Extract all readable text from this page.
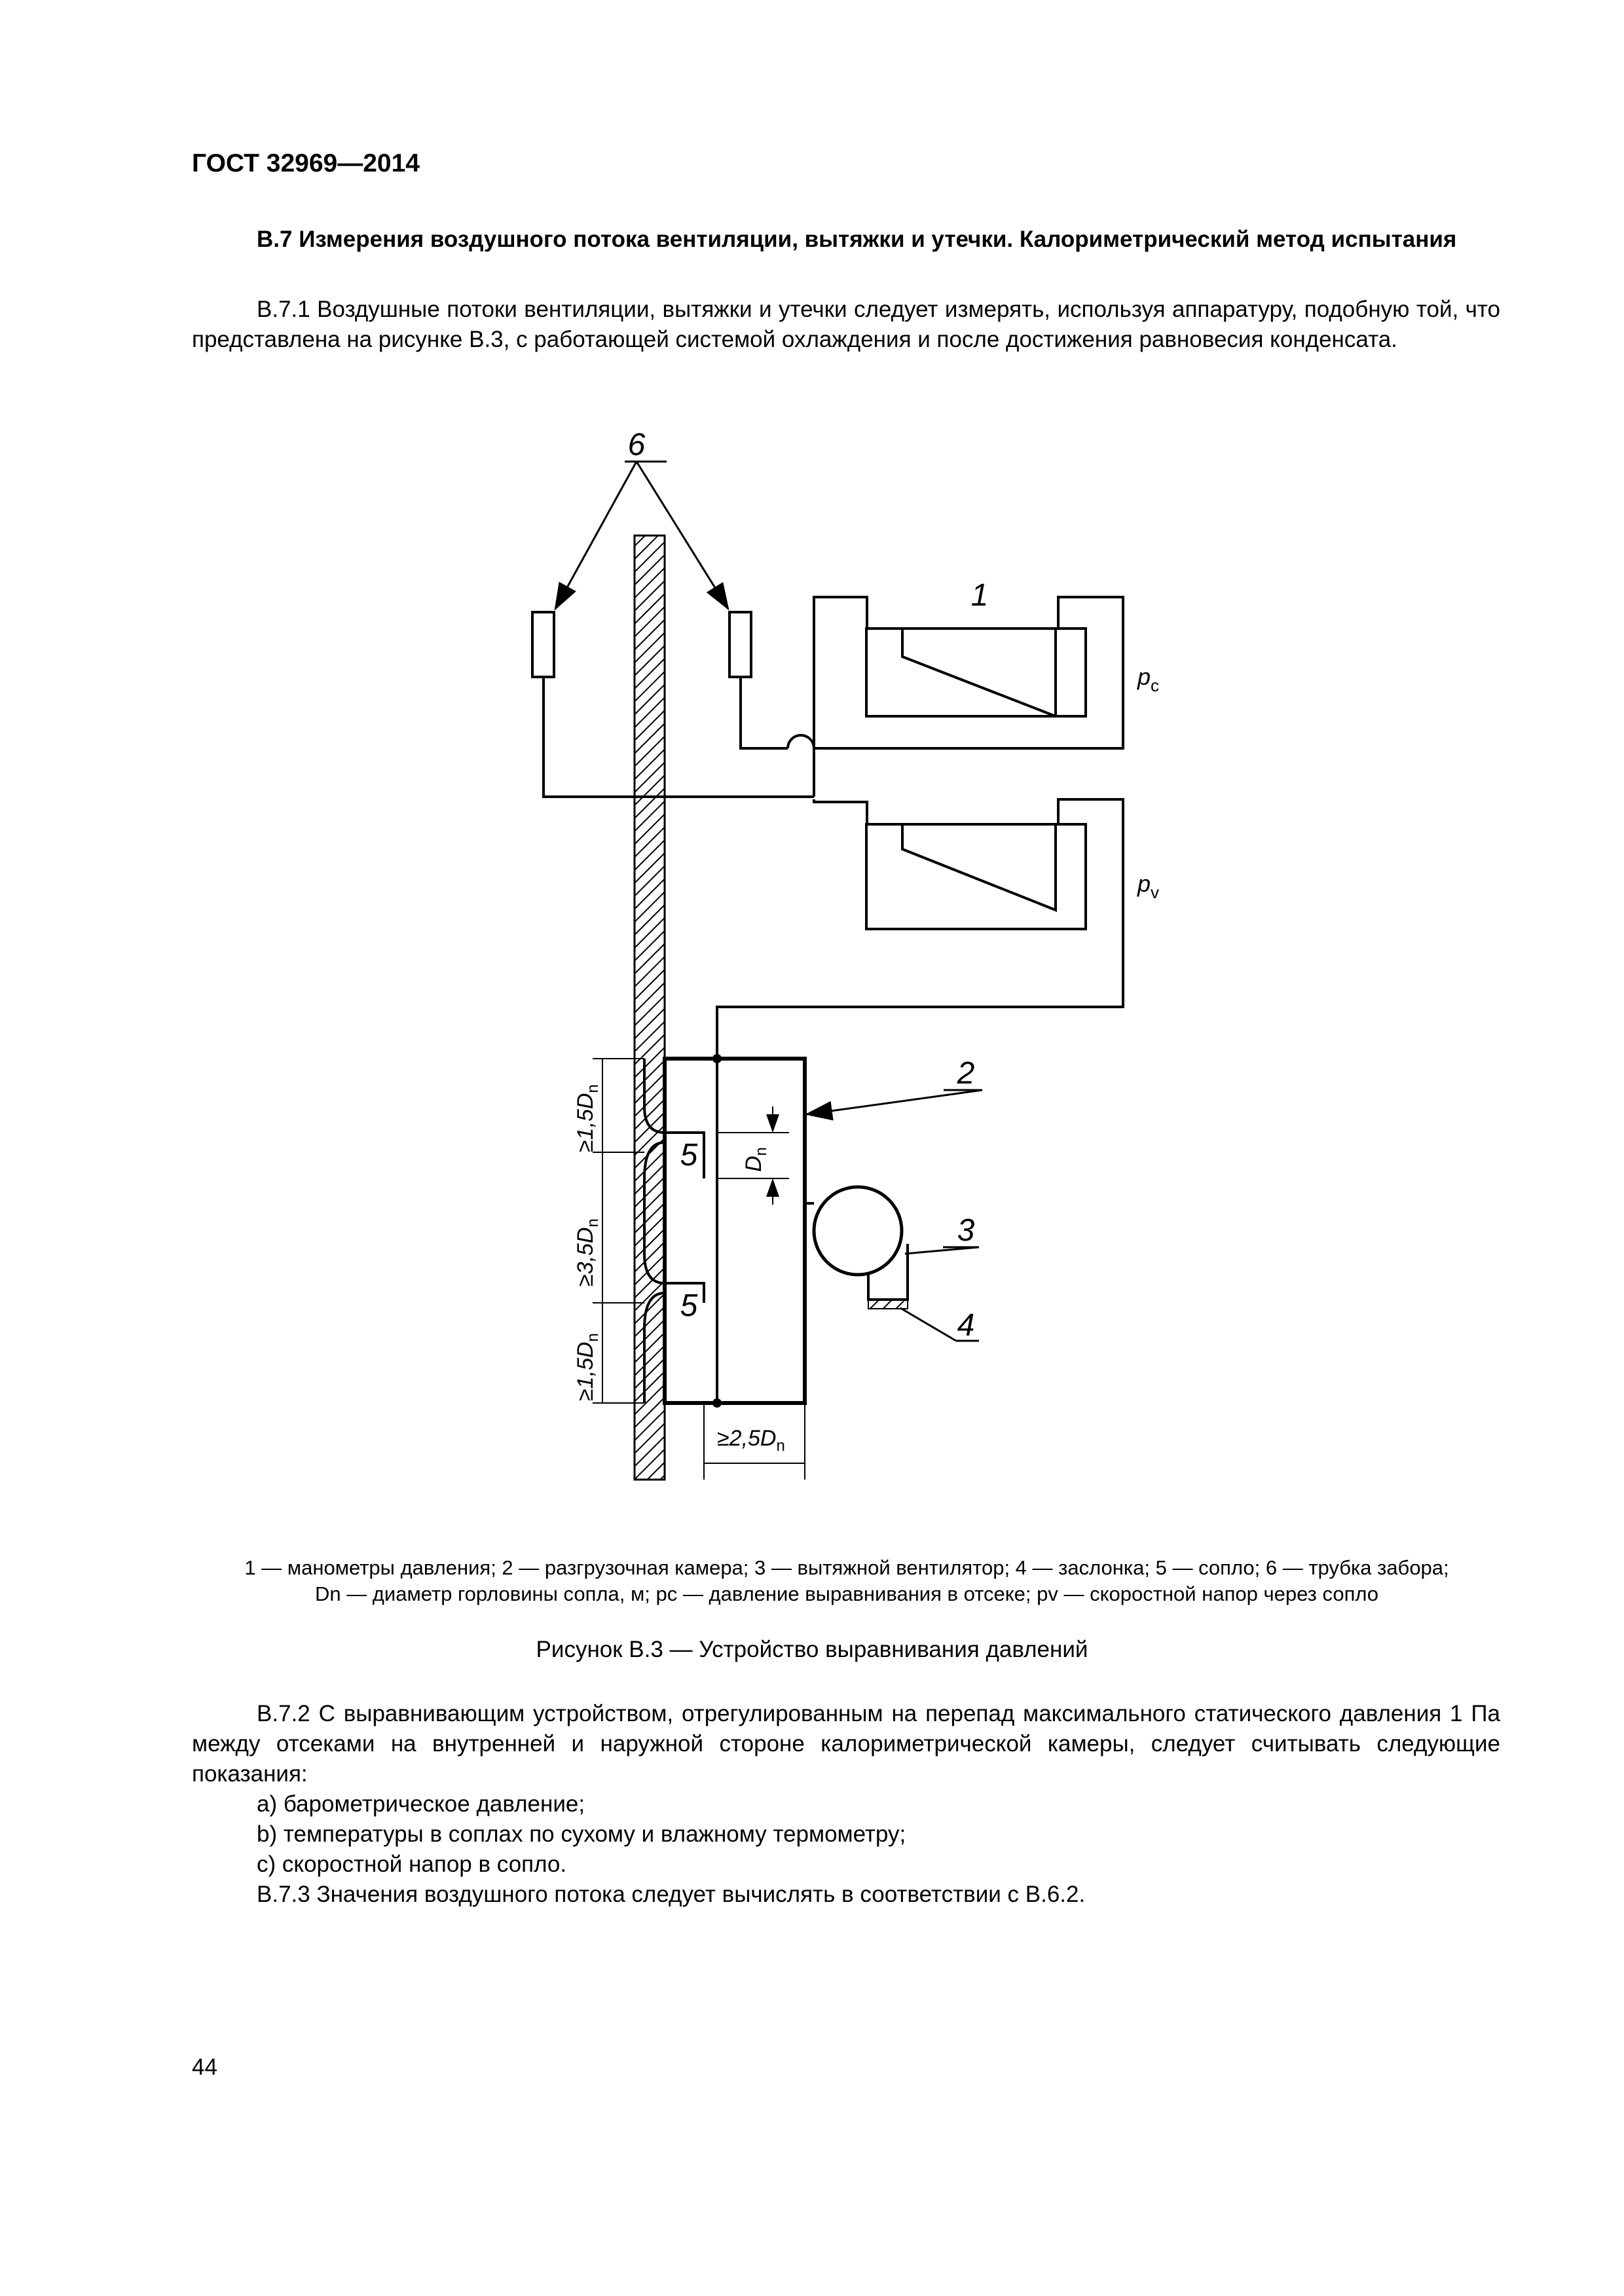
ГОСТ 32969—2014
В.7 Измерения воздушного потока вентиляции, вытяжки и утечки. Калориметрический метод испытания
В.7.1 Воздушные потоки вентиляции, вытяжки и утечки следует измерять, используя аппаратуру, подобную той, что представлена на рисунке В.3, с работающей системой охлаждения и после достижения равновесия конденсата.
6
1
$p_c$
$p_v$
2
5
5
$D_n$
$\ge 1,5D_n$
$\ge 3,5D_n$
$\ge 1,5D_n$
$\ge 2,5D_n$
3
4
1 — манометры давления; 2 — разгрузочная камера; 3 — вытяжной вентилятор; 4 — заслонка; 5 — сопло; 6 — трубка забора;
Dn — диаметр горловины сопла, м; pc — давление выравнивания в отсеке; pv — скоростной напор через сопло
Рисунок В.3 — Устройство выравнивания давлений
В.7.2 С выравнивающим устройством, отрегулированным на перепад максимального статического давления 1 Па между отсеками на внутренней и наружной стороне калориметрической камеры, следует считывать следующие показания:
a) барометрическое давление;
b) температуры в соплах по сухому и влажному термометру;
c) скоростной напор в сопло.
В.7.3 Значения воздушного потока следует вычислять в соответствии с В.6.2.
44
